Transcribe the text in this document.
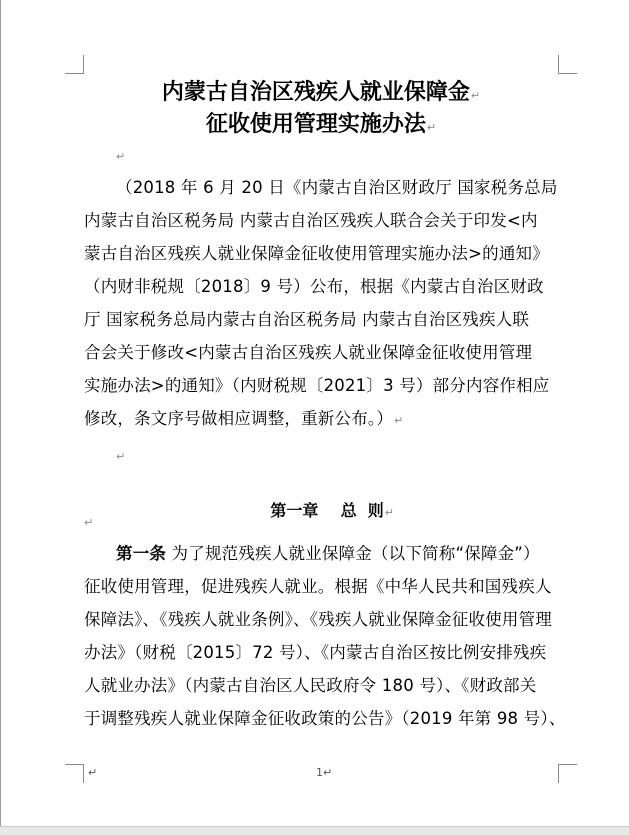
内蒙古自治区残疾人就业保障金↵
征收使用管理实施办法↵
↵
（2018 年 6 月 20 日《内蒙古自治区财政厅 国家税务总局
内蒙古自治区税务局 内蒙古自治区残疾人联合会关于印发<内
蒙古自治区残疾人就业保障金征收使用管理实施办法>的通知》
（内财非税规〔2018〕9 号）公布，根据《内蒙古自治区财政
厅 国家税务总局内蒙古自治区税务局 内蒙古自治区残疾人联
合会关于修改<内蒙古自治区残疾人就业保障金征收使用管理
实施办法>的通知》（内财税规〔2021〕3 号）部分内容作相应
修改，条文序号做相应调整，重新公布。）↵
↵

第一章    总  则↵

↵
第一条 为了规范残疾人就业保障金（以下简称“保障金”）
征收使用管理，促进残疾人就业。根据《中华人民共和国残疾人
保障法》、《残疾人就业条例》、《残疾人就业保障金征收使用管理
办法》（财税〔2015〕72 号）、《内蒙古自治区按比例安排残疾
人就业办法》（内蒙古自治区人民政府令 180 号）、《财政部关
于调整残疾人就业保障金征收政策的公告》（2019 年第 98 号）、
↵	1↵
